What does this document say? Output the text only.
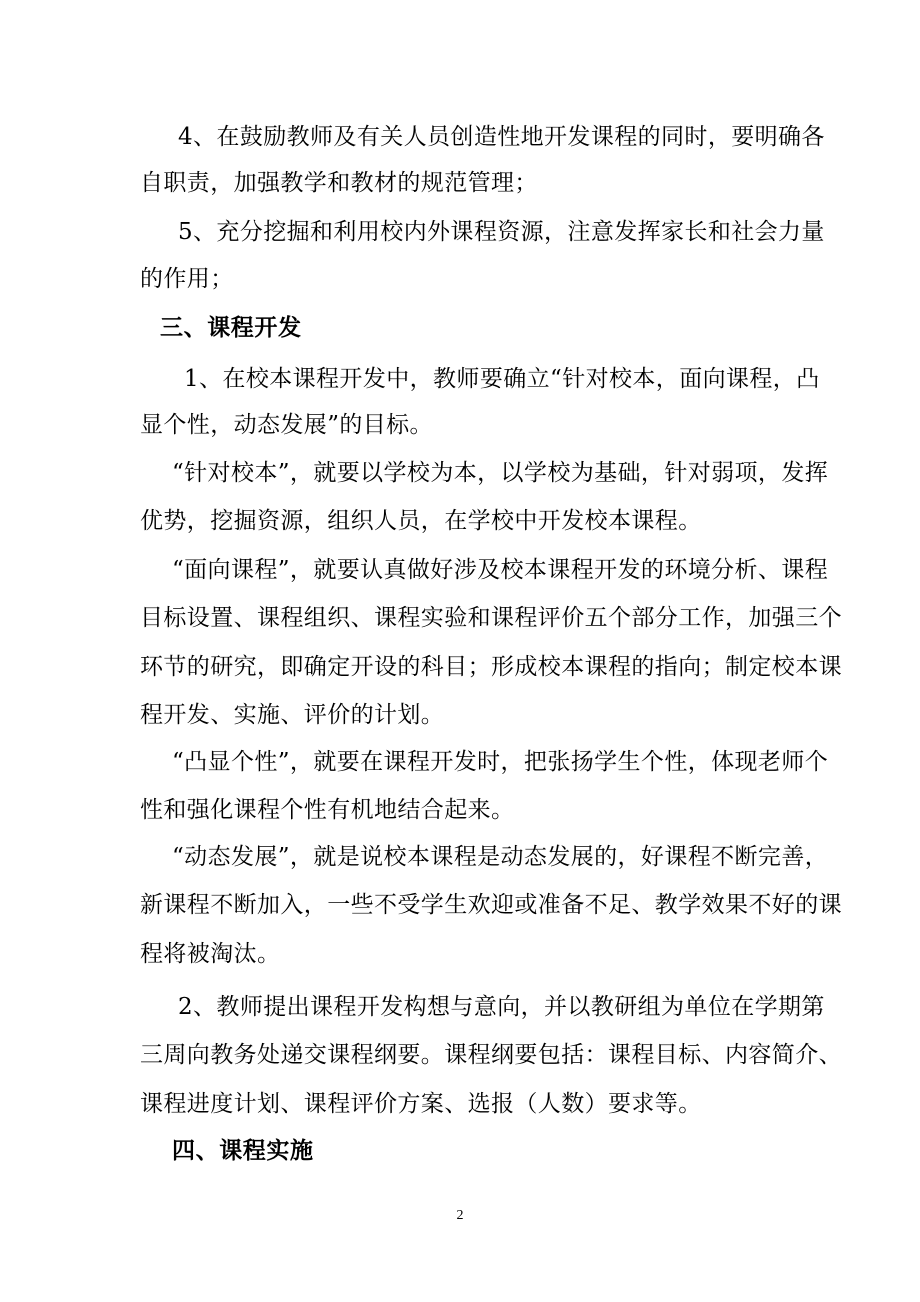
4、在鼓励教师及有关人员创造性地开发课程的同时，要明确各
自职责，加强教学和教材的规范管理；
5、充分挖掘和利用校内外课程资源，注意发挥家长和社会力量
的作用；
三、课程开发
1、在校本课程开发中，教师要确立“针对校本，面向课程，凸
显个性，动态发展”的目标。
“针对校本”，就要以学校为本，以学校为基础，针对弱项，发挥
优势，挖掘资源，组织人员，在学校中开发校本课程。
“面向课程”，就要认真做好涉及校本课程开发的环境分析、课程
目标设置、课程组织、课程实验和课程评价五个部分工作，加强三个
环节的研究，即确定开设的科目；形成校本课程的指向；制定校本课
程开发、实施、评价的计划。
“凸显个性”，就要在课程开发时，把张扬学生个性，体现老师个
性和强化课程个性有机地结合起来。
“动态发展”，就是说校本课程是动态发展的，好课程不断完善，
新课程不断加入，一些不受学生欢迎或准备不足、教学效果不好的课
程将被淘汰。
2、教师提出课程开发构想与意向，并以教研组为单位在学期第
三周向教务处递交课程纲要。课程纲要包括：课程目标、内容简介、
课程进度计划、课程评价方案、选报（人数）要求等。
四、课程实施
2
